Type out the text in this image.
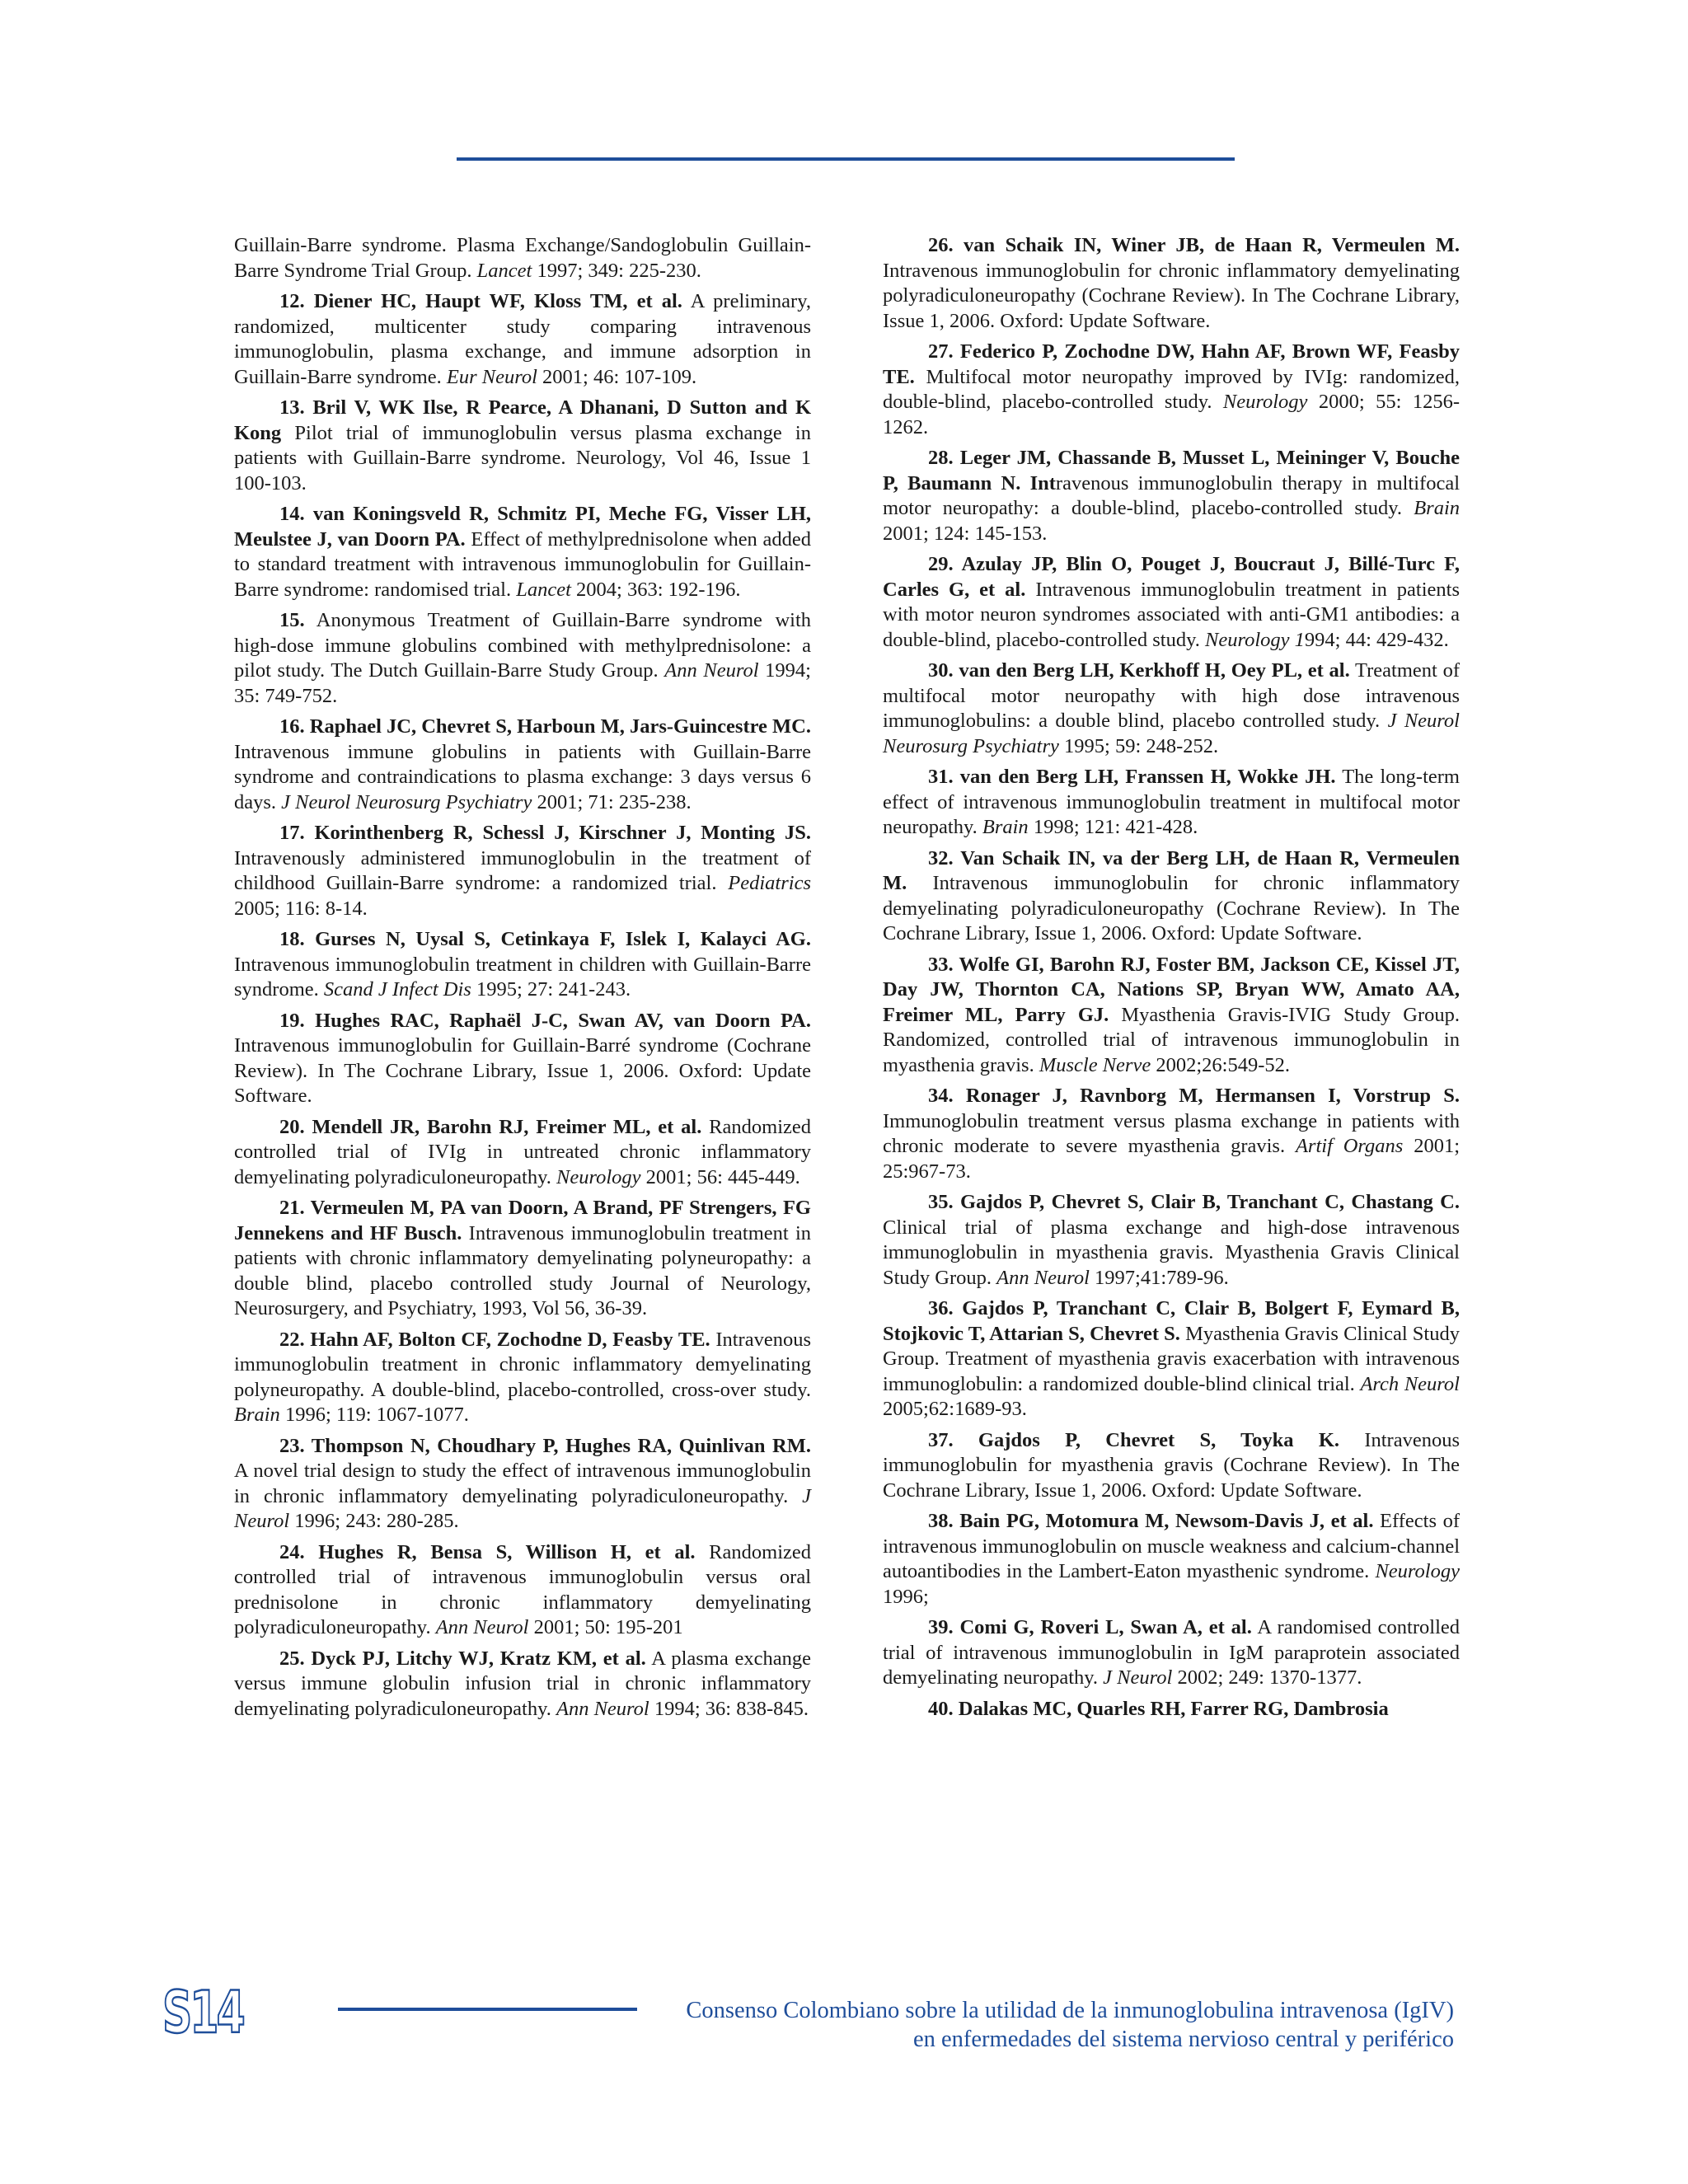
Guillain-Barre syndrome. Plasma Exchange/Sandoglobulin Guillain-Barre Syndrome Trial Group. Lancet 1997; 349: 225-230.

12. Diener HC, Haupt WF, Kloss TM, et al. A preliminary, randomized, multicenter study comparing intravenous immunoglobulin, plasma exchange, and immune adsorption in Guillain-Barre syndrome. Eur Neurol 2001; 46: 107-109.

13. Bril V, WK Ilse, R Pearce, A Dhanani, D Sutton and K Kong Pilot trial of immunoglobulin versus plasma exchange in patients with Guillain-Barre syndrome. Neurology, Vol 46, Issue 1 100-103.

14. van Koningsveld R, Schmitz PI, Meche FG, Visser LH, Meulstee J, van Doorn PA. Effect of methylprednisolone when added to standard treatment with intravenous immunoglobulin for Guillain-Barre syndrome: randomised trial. Lancet 2004; 363: 192-196.

15. Anonymous Treatment of Guillain-Barre syndrome with high-dose immune globulins combined with methylprednisolone: a pilot study. The Dutch Guillain-Barre Study Group. Ann Neurol 1994; 35: 749-752.

16. Raphael JC, Chevret S, Harboun M, Jars-Guincestre MC. Intravenous immune globulins in patients with Guillain-Barre syndrome and contraindications to plasma exchange: 3 days versus 6 days. J Neurol Neurosurg Psychiatry 2001; 71: 235-238.

17. Korinthenberg R, Schessl J, Kirschner J, Monting JS. Intravenously administered immunoglobulin in the treatment of childhood Guillain-Barre syndrome: a randomized trial. Pediatrics 2005; 116: 8-14.

18. Gurses N, Uysal S, Cetinkaya F, Islek I, Kalayci AG. Intravenous immunoglobulin treatment in children with Guillain-Barre syndrome. Scand J Infect Dis 1995; 27: 241-243.

19. Hughes RAC, Raphaël J-C, Swan AV, van Doorn PA. Intravenous immunoglobulin for Guillain-Barré syndrome (Cochrane Review). In The Cochrane Library, Issue 1, 2006. Oxford: Update Software.

20. Mendell JR, Barohn RJ, Freimer ML, et al. Randomized controlled trial of IVIg in untreated chronic inflammatory demyelinating polyradiculoneuropathy. Neurology 2001; 56: 445-449.

21. Vermeulen M, PA van Doorn, A Brand, PF Strengers, FG Jennekens and HF Busch. Intravenous immunoglobulin treatment in patients with chronic inflammatory demyelinating polyneuropathy: a double blind, placebo controlled study Journal of Neurology, Neurosurgery, and Psychiatry, 1993, Vol 56, 36-39.

22. Hahn AF, Bolton CF, Zochodne D, Feasby TE. Intravenous immunoglobulin treatment in chronic inflammatory demyelinating polyneuropathy. A double-blind, placebo-controlled, cross-over study. Brain 1996; 119: 1067-1077.

23. Thompson N, Choudhary P, Hughes RA, Quinlivan RM. A novel trial design to study the effect of intravenous immunoglobulin in chronic inflammatory demyelinating polyradiculoneuropathy. J Neurol 1996; 243: 280-285.

24. Hughes R, Bensa S, Willison H, et al. Randomized controlled trial of intravenous immunoglobulin versus oral prednisolone in chronic inflammatory demyelinating polyradiculoneuropathy. Ann Neurol 2001; 50: 195-201

25. Dyck PJ, Litchy WJ, Kratz KM, et al. A plasma exchange versus immune globulin infusion trial in chronic inflammatory demyelinating polyradiculoneuropathy. Ann Neurol 1994; 36: 838-845.

26. van Schaik IN, Winer JB, de Haan R, Vermeulen M. Intravenous immunoglobulin for chronic inflammatory demyelinating polyradiculoneuropathy (Cochrane Review). In The Cochrane Library, Issue 1, 2006. Oxford: Update Software.

27. Federico P, Zochodne DW, Hahn AF, Brown WF, Feasby TE. Multifocal motor neuropathy improved by IVIg: randomized, double-blind, placebo-controlled study. Neurology 2000; 55: 1256-1262.

28. Leger JM, Chassande B, Musset L, Meininger V, Bouche P, Baumann N. Intravenous immunoglobulin therapy in multifocal motor neuropathy: a double-blind, placebo-controlled study. Brain 2001; 124: 145-153.

29. Azulay JP, Blin O, Pouget J, Boucraut J, Billé-Turc F, Carles G, et al. Intravenous immunoglobulin treatment in patients with motor neuron syndromes associated with anti-GM1 antibodies: a double-blind, placebo-controlled study. Neurology 1994; 44: 429-432.

30. van den Berg LH, Kerkhoff H, Oey PL, et al. Treatment of multifocal motor neuropathy with high dose intravenous immunoglobulins: a double blind, placebo controlled study. J Neurol Neurosurg Psychiatry 1995; 59: 248-252.

31. van den Berg LH, Franssen H, Wokke JH. The long-term effect of intravenous immunoglobulin treatment in multifocal motor neuropathy. Brain 1998; 121: 421-428.

32. Van Schaik IN, va der Berg LH, de Haan R, Vermeulen M. Intravenous immunoglobulin for chronic inflammatory demyelinating polyradiculoneuropathy (Cochrane Review). In The Cochrane Library, Issue 1, 2006. Oxford: Update Software.

33. Wolfe GI, Barohn RJ, Foster BM, Jackson CE, Kissel JT, Day JW, Thornton CA, Nations SP, Bryan WW, Amato AA, Freimer ML, Parry GJ. Myasthenia Gravis-IVIG Study Group. Randomized, controlled trial of intravenous immunoglobulin in myasthenia gravis. Muscle Nerve 2002;26:549-52.

34. Ronager J, Ravnborg M, Hermansen I, Vorstrup S. Immunoglobulin treatment versus plasma exchange in patients with chronic moderate to severe myasthenia gravis. Artif Organs 2001; 25:967-73.

35. Gajdos P, Chevret S, Clair B, Tranchant C, Chastang C. Clinical trial of plasma exchange and high-dose intravenous immunoglobulin in myasthenia gravis. Myasthenia Gravis Clinical Study Group. Ann Neurol 1997;41:789-96.

36. Gajdos P, Tranchant C, Clair B, Bolgert F, Eymard B, Stojkovic T, Attarian S, Chevret S. Myasthenia Gravis Clinical Study Group. Treatment of myasthenia gravis exacerbation with intravenous immunoglobulin: a randomized double-blind clinical trial. Arch Neurol 2005;62:1689-93.

37. Gajdos P, Chevret S, Toyka K. Intravenous immunoglobulin for myasthenia gravis (Cochrane Review). In The Cochrane Library, Issue 1, 2006. Oxford: Update Software.

38. Bain PG, Motomura M, Newsom-Davis J, et al. Effects of intravenous immunoglobulin on muscle weakness and calcium-channel autoantibodies in the Lambert-Eaton myasthenic syndrome. Neurology 1996;

39. Comi G, Roveri L, Swan A, et al. A randomised controlled trial of intravenous immunoglobulin in IgM paraprotein associated demyelinating neuropathy. J Neurol 2002; 249: 1370-1377.

40. Dalakas MC, Quarles RH, Farrer RG, Dambrosia

S14	Consenso Colombiano sobre la utilidad de la inmunoglobulina intravenosa (IgIV)
en enfermedades del sistema nervioso central y periférico
